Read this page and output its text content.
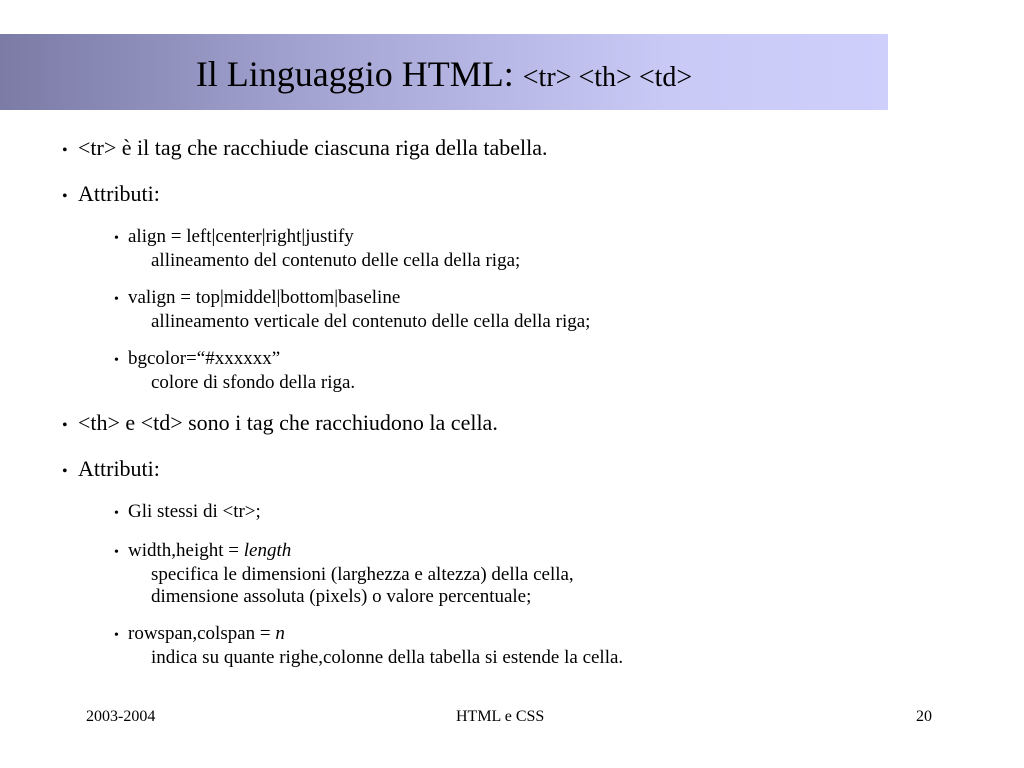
Il Linguaggio HTML: <tr> <th> <td>
• <tr> è il tag che racchiude ciascuna riga della tabella.
• Attributi:
• align = left|center|right|justify
allineamento del contenuto delle cella della riga;
• valign = top|middel|bottom|baseline
allineamento verticale del contenuto delle cella della riga;
• bgcolor=“#xxxxxx”
colore di sfondo della riga.
• <th> e <td> sono i tag che racchiudono la cella.
• Attributi:
• Gli stessi di <tr>;
• width,height = length
specifica le dimensioni (larghezza e altezza) della cella,
dimensione assoluta (pixels) o valore percentuale;
• rowspan,colspan = n
indica su quante righe,colonne della tabella si estende la cella.
2003-2004	HTML e CSS	20
